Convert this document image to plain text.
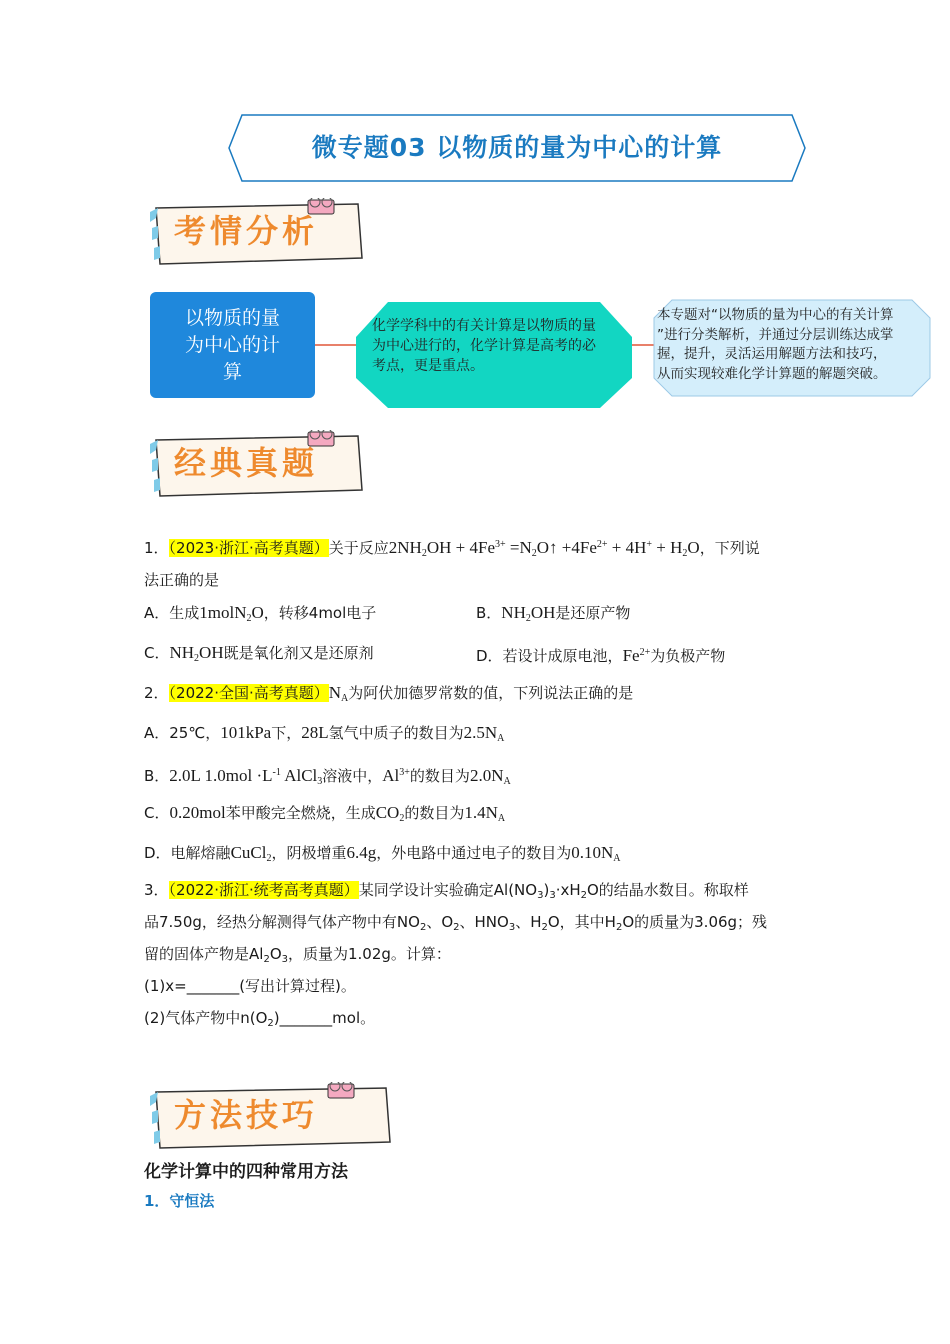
微专题03 以物质的量为中心的计算
考情分析
以物质的量
为中心的计
算
化学学科中的有关计算是以物质的量
为中心进行的，化学计算是高考的必
考点，更是重点。
本专题对“以物质的量为中心的有关计算
”进行分类解析，并通过分层训练达成掌
握，提升，灵活运用解题方法和技巧，
从而实现较难化学计算题的解题突破。
经典真题
1．（2023·浙江·高考真题）关于反应$2NH_2OH + 4Fe^{3+}$ $=N_2O↑ +4Fe^{2+} + 4H^+ + H_2O$，下列说
法正确的是
A．生成1molN$_2$O，转移4mol电子	B．$NH_2OH$是还原产物
C．$NH_2OH$既是氧化剂又是还原剂	D．若设计成原电池，$Fe^{2+}$为负极产物
2．（2022·全国·高考真题）$N_A$为阿伏加德罗常数的值，下列说法正确的是
A．25℃，101kPa下，28L氢气中质子的数目为$2.5N_A$
B．2.0L $1.0mol \cdot L^{-1}$ AlCl$_3$溶液中，$Al^{3+}$的数目为$2.0N_A$
C．0.20mol苯甲酸完全燃烧，生成$CO_2$的数目为$1.4N_A$
D．电解熔融CuCl$_2$，阴极增重6.4g，外电路中通过电子的数目为$0.10N_A$
3．（2022·浙江·统考高考真题）某同学设计实验确定$Al(NO_3)_3\cdot xH_2O$的结晶水数目。称取样
品7.50g，经热分解测得气体产物中有$NO_2$、$O_2$、$HNO_3$、$H_2O$，其中$H_2O$的质量为3.06g；残
留的固体产物是$Al_2O_3$，质量为1.02g。计算：
(1)x=_______(写出计算过程)。
(2)气体产物中$n(O_2)\_\_\_\_\_\_\_mol$。
方法技巧
化学计算中的四种常用方法
1．守恒法
